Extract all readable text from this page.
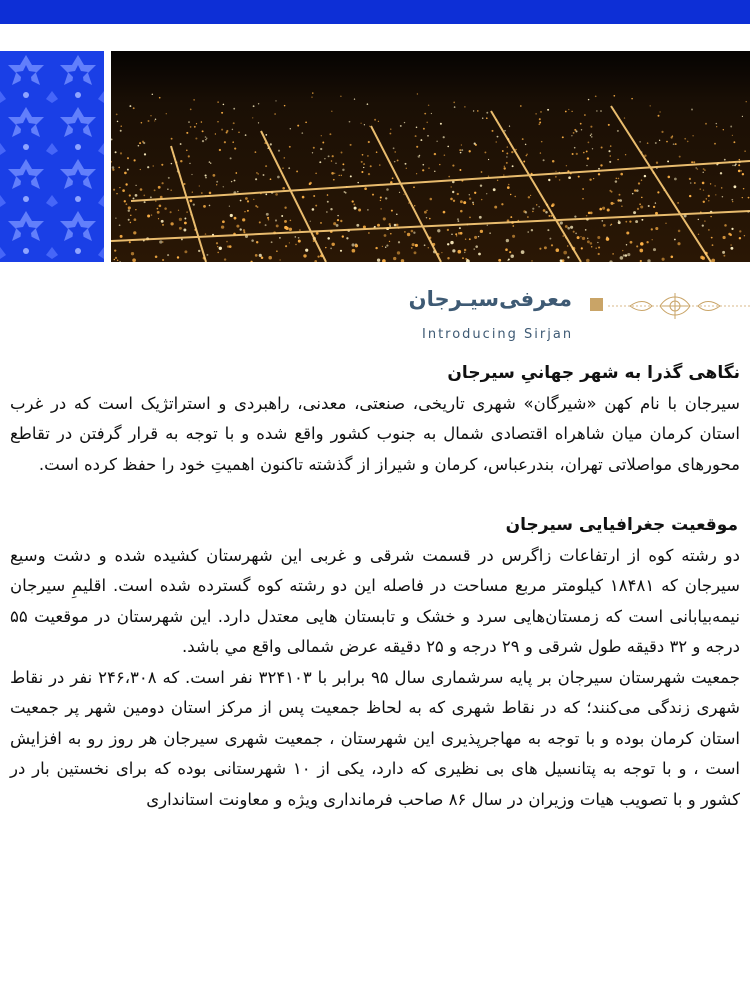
معرفی‌سیـرجان
Introducing Sirjan

نگاهی گذرا به شهر جهانیِ سیرجان

سیرجان با نام کهن «شیرگان» شهری تاریخی، صنعتی، معدنی، راهبردی و استراتژیک است که در غرب استان کرمان میان شاهراه اقتصادی شمال به جنوب کشور واقع شده و با توجه به قرار گرفتن در تقاطع محورهای مواصلاتی تهران، بندرعباس، کرمان و شیراز از گذشته تاکنون اهمیتِ خود را حفظ کرده است.

موقعیت جغرافیایی سیرجان

دو رشته کوه از ارتفاعات زاگرس در قسمت شرقی و غربی این شهرستان کشیده شده و دشت وسیع سیرجان که ۱۸۴۸۱ کیلومتر مربع مساحت در فاصله این دو رشته کوه گسترده شده است. اقلیمِ سیرجان نیمه‌بیابانی است که زمستان‌هایی سرد و خشک و تابستان هایی معتدل دارد. این شهرستان در موقعیت ۵۵ درجه و ۳۲ دقیقه طول شرقی و ۲۹ درجه و ۲۵ دقیقه عرض شمالی واقع مي باشد.

جمعیت شهرستان سیرجان بر پایه سرشماری سال ۹۵ برابر با ۳۲۴۱۰۳ نفر است. که ۲۴۶،۳۰۸ نفر در نقاط شهری زندگی می‌کنند؛ که در نقاط شهری که به لحاظ جمعیت پس از مرکز استان دومین شهر پر جمعیت استان کرمان بوده و با توجه به مهاجرپذیری این شهرستان ، جمعیت شهری سیرجان هر روز رو به افزایش است ، و با توجه به پتانسیل های بی نظیری که دارد، یکی از ۱۰ شهرستانی بوده که برای نخستین بار در کشور و با تصویب هیات وزیران در سال ۸۶ صاحب فرمانداری ویژه و معاونت استانداری
